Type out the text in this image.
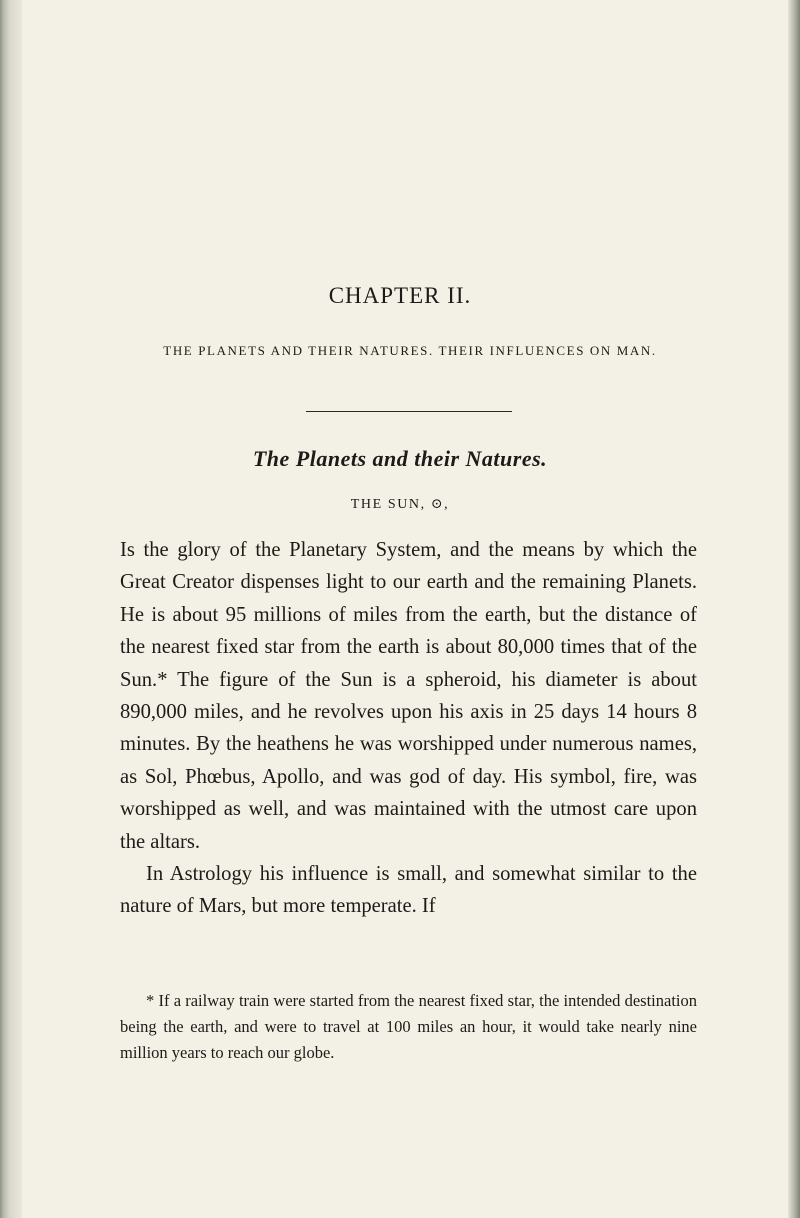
CHAPTER II.
THE PLANETS AND THEIR NATURES. THEIR INFLUENCES ON MAN.
The Planets and their Natures.
THE SUN, ⊙,

Is the glory of the Planetary System, and the means by which the Great Creator dispenses light to our earth and the remaining Planets. He is about 95 millions of miles from the earth, but the distance of the nearest fixed star from the earth is about 80,000 times that of the Sun.* The figure of the Sun is a spheroid, his diameter is about 890,000 miles, and he revolves upon his axis in 25 days 14 hours 8 minutes. By the heathens he was worshipped under numerous names, as Sol, Phœbus, Apollo, and was god of day. His symbol, fire, was worshipped as well, and was maintained with the utmost care upon the altars.

In Astrology his influence is small, and somewhat similar to the nature of Mars, but more temperate. If

* If a railway train were started from the nearest fixed star, the intended destination being the earth, and were to travel at 100 miles an hour, it would take nearly nine million years to reach our globe.
